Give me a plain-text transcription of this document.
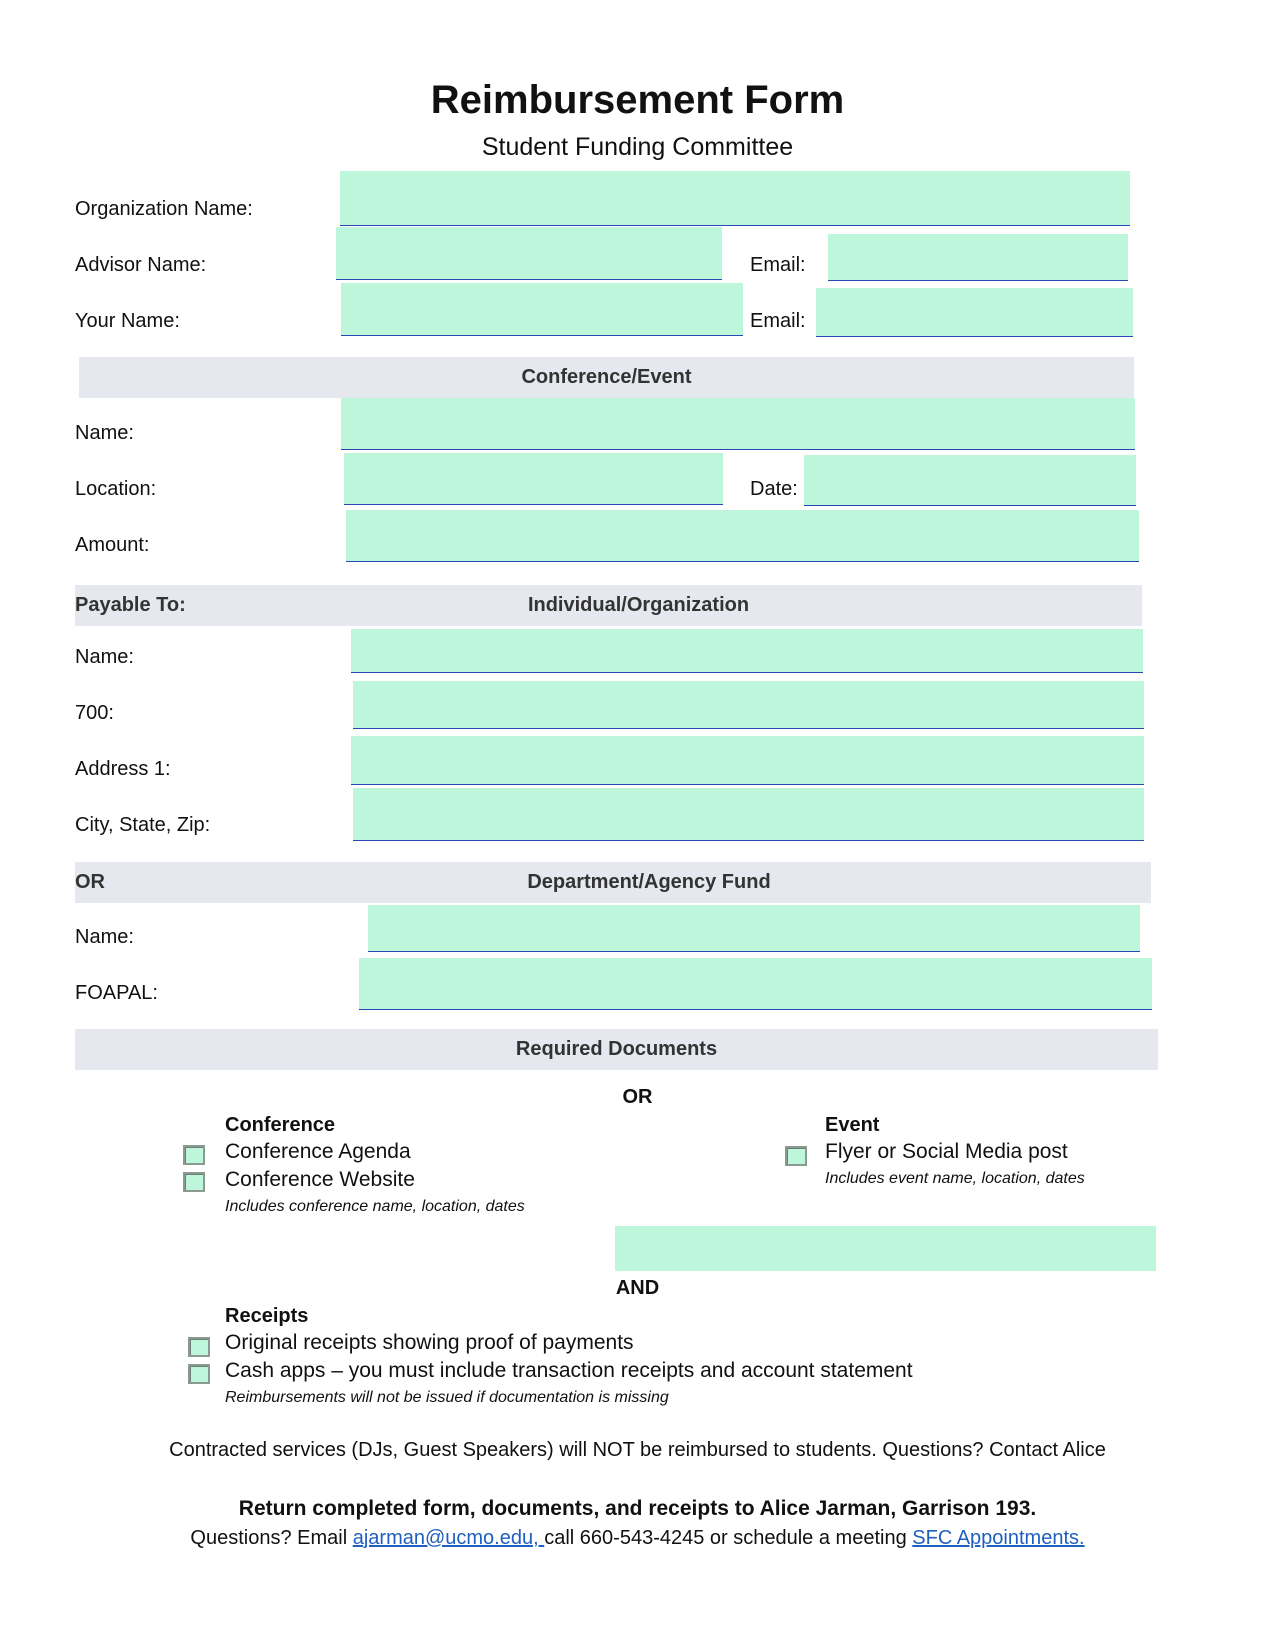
Reimbursement Form
Student Funding Committee
Organization Name:
Advisor Name:	Email:
Your Name:	Email:
Conference/Event
Name:
Location:	Date:
Amount:
Payable To:	Individual/Organization
Name:
700:
Address 1:
City, State, Zip:
OR	Department/Agency Fund
Name:
FOAPAL:
Required Documents
OR
Conference
Conference Agenda
Conference Website
Includes conference name, location, dates
Event
Flyer or Social Media post
Includes event name, location, dates
AND
Receipts
Original receipts showing proof of payments
Cash apps – you must include transaction receipts and account statement
Reimbursements will not be issued if documentation is missing
Contracted services (DJs, Guest Speakers) will NOT be reimbursed to students. Questions? Contact Alice
Return completed form, documents, and receipts to Alice Jarman, Garrison 193.
Questions? Email ajarman@ucmo.edu, call 660-543-4245 or schedule a meeting SFC Appointments.
